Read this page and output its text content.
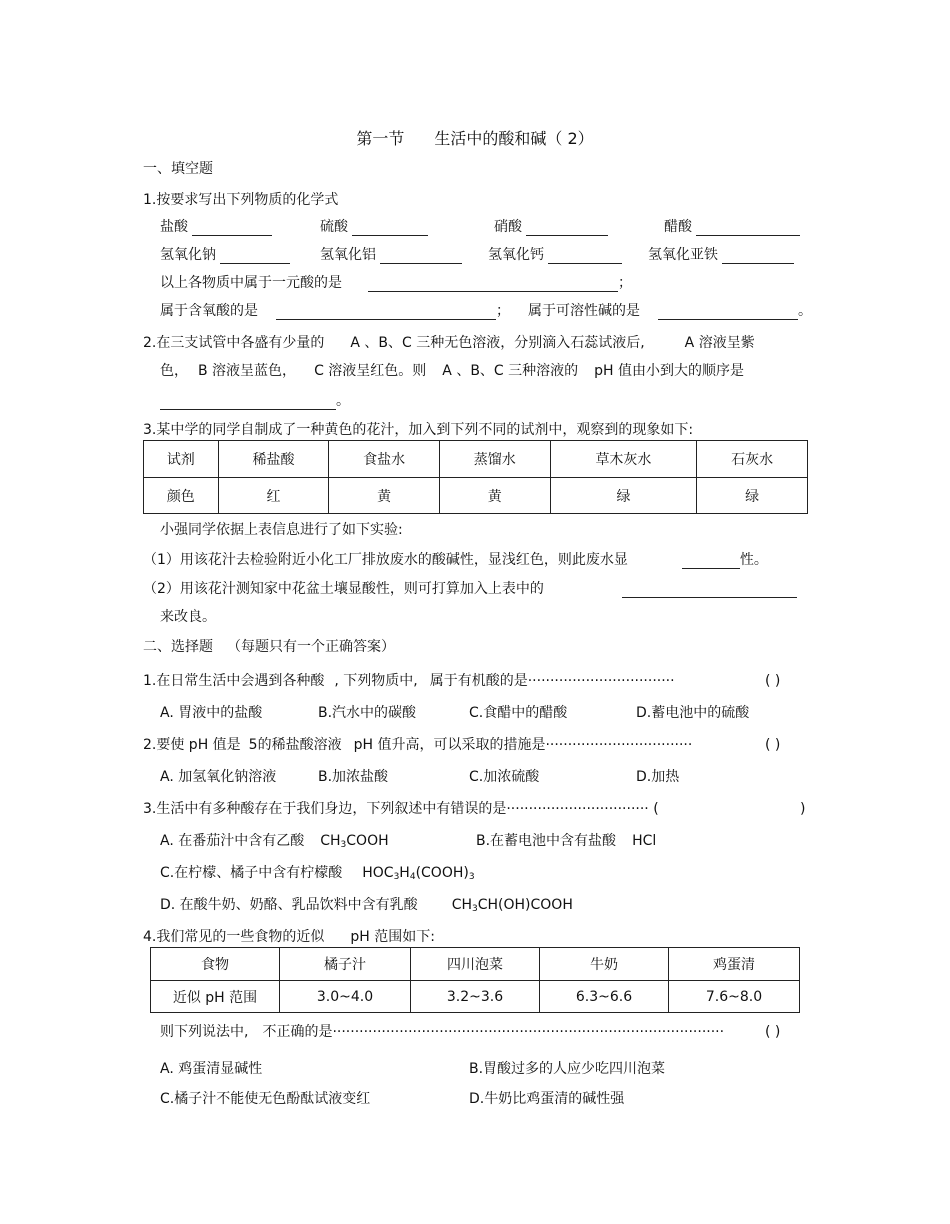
第一节 生活中的酸和碱（ 2）
一、填空题
1.按要求写出下列物质的化学式
盐酸	硫酸	硝酸	醋酸
氢氧化钠	氢氧化铝	氢氧化钙	氢氧化亚铁
以上各物质中属于一元酸的是	；
属于含氧酸的是	； 属于可溶性碱的是	。
2.在三支试管中各盛有少量的 A 、B、C 三种无色溶液，分别滴入石蕊试液后,	A 溶液呈紫
色， B 溶液呈蓝色， C 溶液呈红色。则 A 、B、C 三种溶液的 pH 值由小到大的顺序是
。
3.某中学的同学自制成了一种黄色的花汁，加入到下列不同的试剂中，观察到的现象如下:
试剂	稀盐酸	食盐水	蒸馏水	草木灰水	石灰水
颜色	红	黄	黄	绿	绿
小强同学依据上表信息进行了如下实验:
（1）用该花汁去检验附近小化工厂排放废水的酸碱性，显浅红色，则此废水显	性。
（2）用该花汁测知家中花盆土壤显酸性，则可打算加入上表中的
来改良。
二、选择题 （每题只有一个正确答案）
1.在日常生活中会遇到各种酸 , 下列物质中, 属于有机酸的是·································	( )
A. 胃液中的盐酸	B.汽水中的碳酸	C.食醋中的醋酸	D.蓄电池中的硫酸
2.要使 pH 值是 5的稀盐酸溶液 pH 值升高，可以采取的措施是·································	( )
A. 加氢氧化钠溶液	B.加浓盐酸	C.加浓硫酸	D.加热
3.生活中有多种酸存在于我们身边，下列叙述中有错误的是································ (	)
A. 在番茄汁中含有乙酸 $CH_3COOH$	B.在蓄电池中含有盐酸 HCl
C.在柠檬、橘子中含有柠檬酸 $HOC_3H_4(COOH)_3$
D. 在酸牛奶、奶酪、乳品饮料中含有乳酸 $CH_3CH(OH)COOH$
4.我们常见的一些食物的近似 pH 范围如下:
食物	橘子汁	四川泡菜	牛奶	鸡蛋清
近似 pH 范围	3.0~4.0	3.2~3.6	6.3~6.6	7.6~8.0
则下列说法中, 不正确的是························································································	( )
A. 鸡蛋清显碱性	B.胃酸过多的人应少吃四川泡菜
C.橘子汁不能使无色酚酞试液变红	D.牛奶比鸡蛋清的碱性强
